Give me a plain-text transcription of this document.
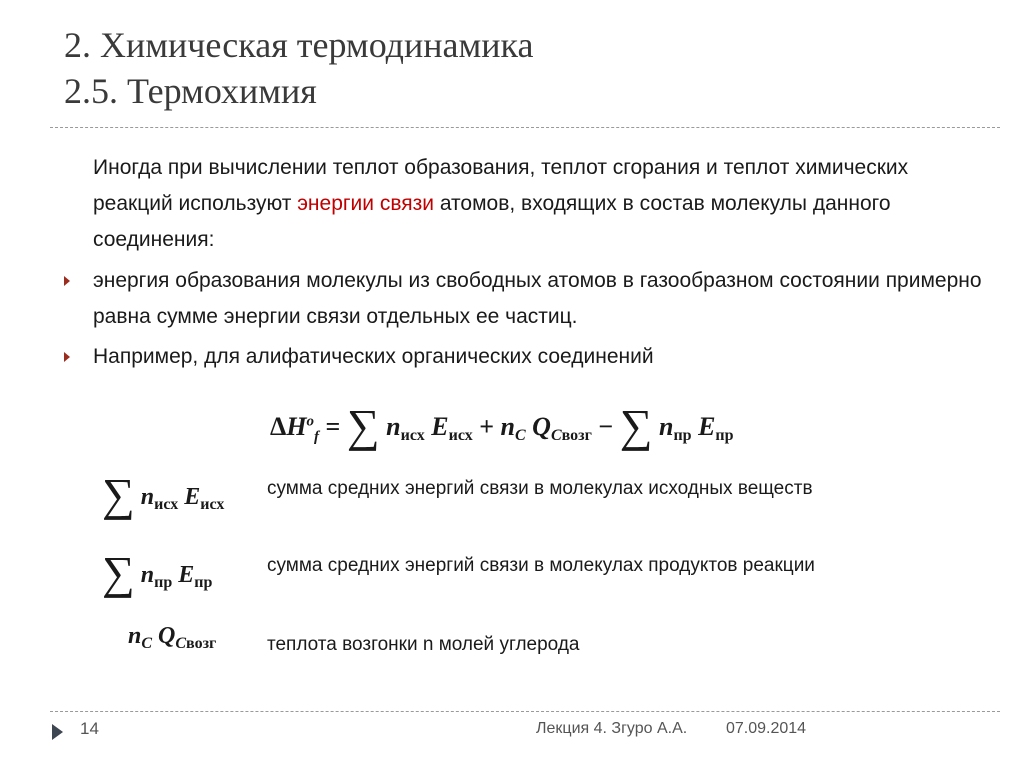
2. Химическая термодинамика
2.5. Термохимия
Иногда при вычислении теплот образования, теплот сгорания и теплот химических реакций используют энергии связи атомов, входящих в состав молекулы данного соединения:
энергия образования молекулы из свободных атомов в газообразном состоянии примерно равна сумме энергии связи отдельных ее частиц.
Например, для алифатических органических соединений
$\Delta H^o_f$ = ∑ nисх Eисх + nC QCвозг − ∑ nпр Eпр
∑ $n_{исх}$ $E_{исх}$
сумма средних энергий связи в молекулах исходных веществ
∑ $n_{пр}$ $E_{пр}$
сумма средних энергий связи в молекулах продуктов реакции
$n_C$ $Q_{Cвозг}$	теплота возгонки n молей углерода
14	Лекция 4. Згуро А.А. 07.09.2014
